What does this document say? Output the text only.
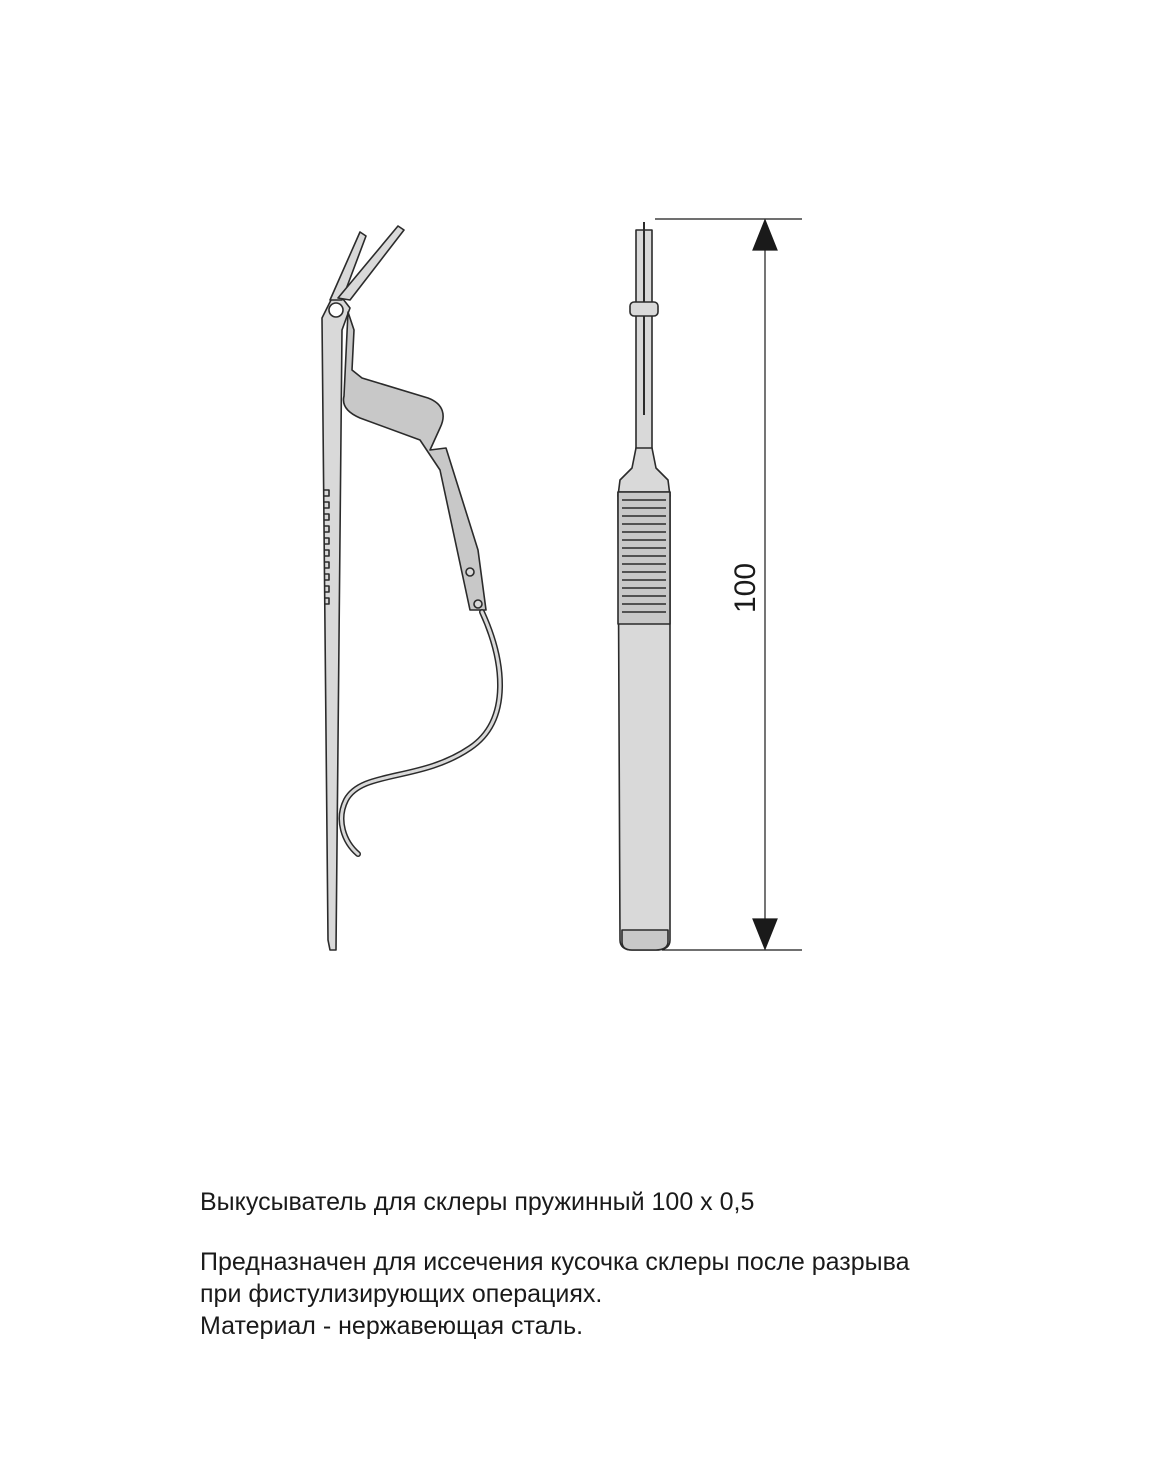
100

Выкусыватель для склеры пружинный 100 x 0,5

Предназначен для иссечения кусочка склеры после разрыва

при фистулизирующих операциях.

Материал - нержавеющая сталь.
